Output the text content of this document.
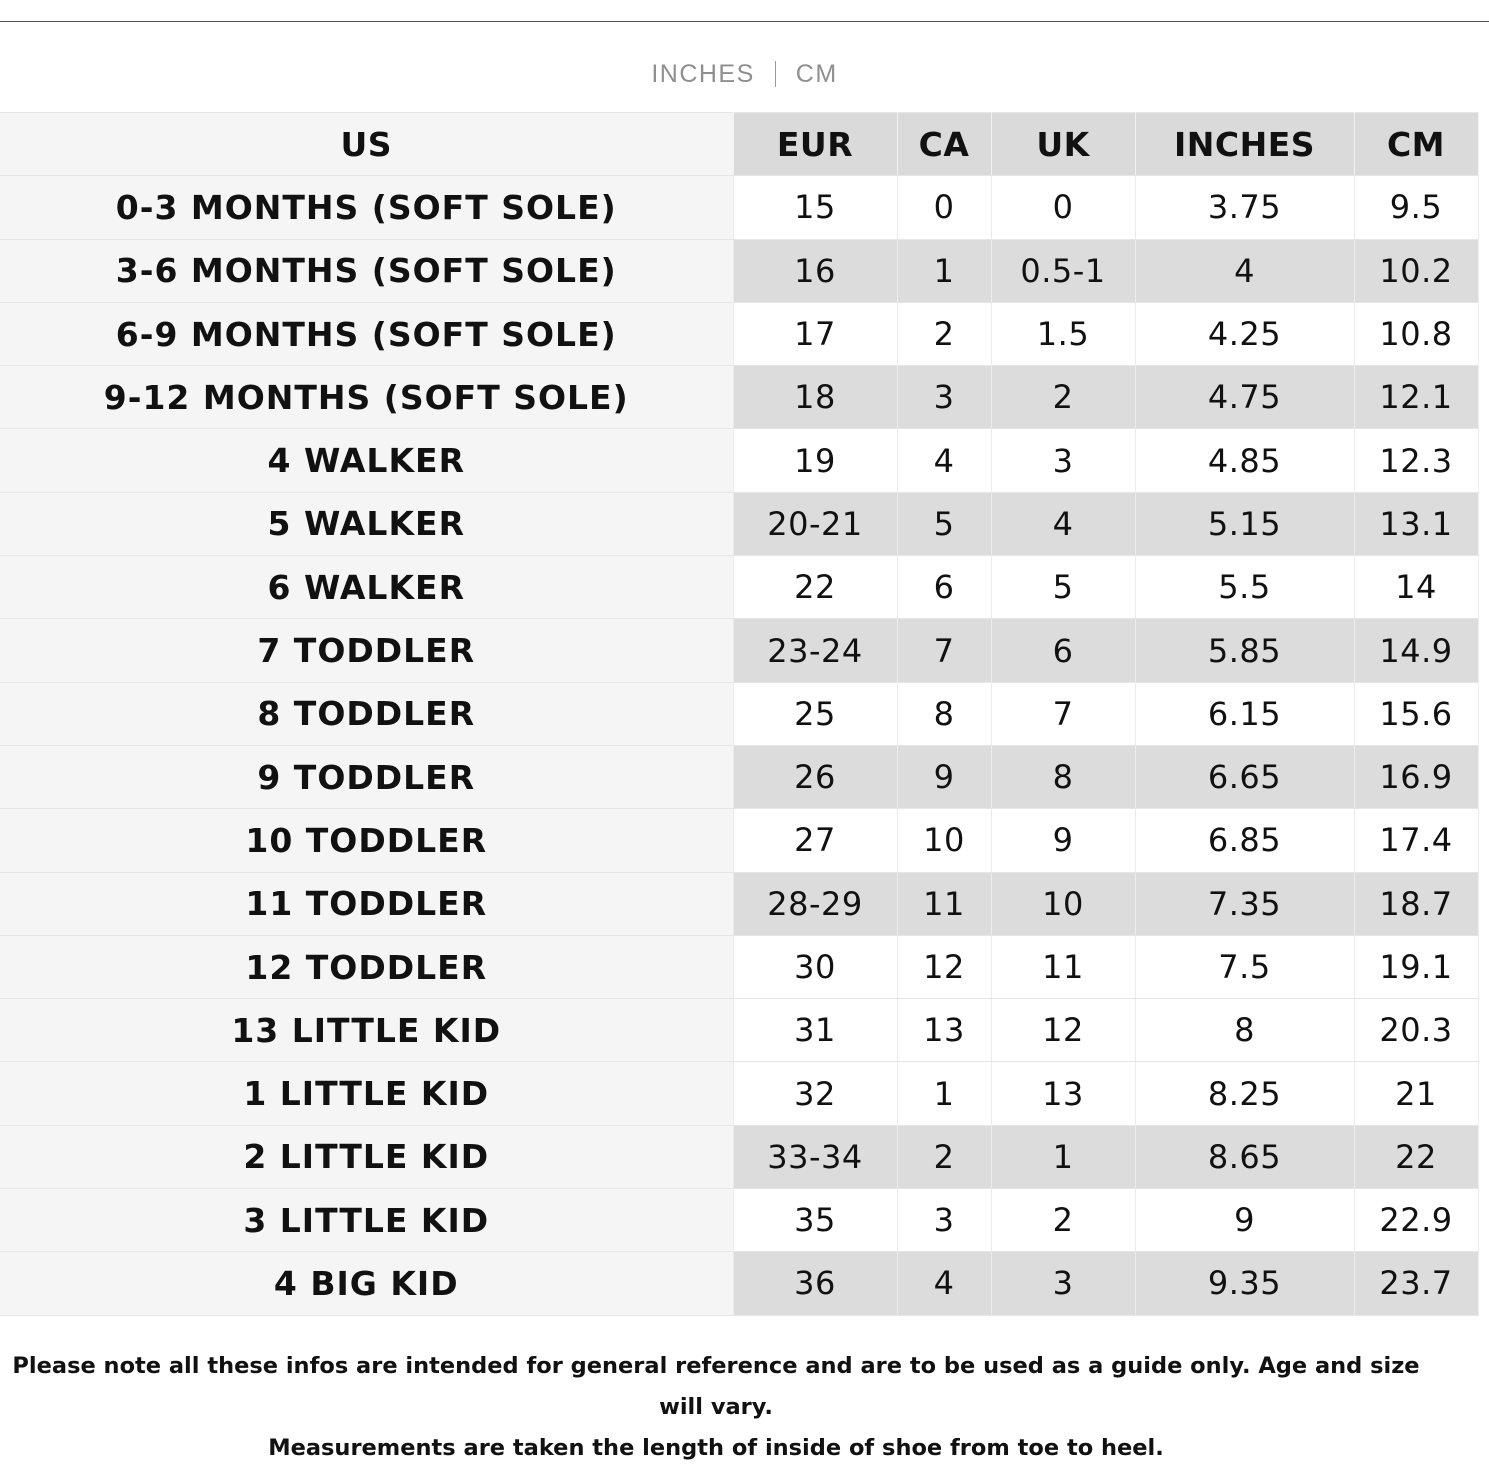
INCHES CM
US	EUR	CA	UK	INCHES	CM
0-3 MONTHS (SOFT SOLE)	15	0	0	3.75	9.5
3-6 MONTHS (SOFT SOLE)	16	1	0.5-1	4	10.2
6-9 MONTHS (SOFT SOLE)	17	2	1.5	4.25	10.8
9-12 MONTHS (SOFT SOLE)	18	3	2	4.75	12.1
4 WALKER	19	4	3	4.85	12.3
5 WALKER	20-21	5	4	5.15	13.1
6 WALKER	22	6	5	5.5	14
7 TODDLER	23-24	7	6	5.85	14.9
8 TODDLER	25	8	7	6.15	15.6
9 TODDLER	26	9	8	6.65	16.9
10 TODDLER	27	10	9	6.85	17.4
11 TODDLER	28-29	11	10	7.35	18.7
12 TODDLER	30	12	11	7.5	19.1
13 LITTLE KID	31	13	12	8	20.3
1 LITTLE KID	32	1	13	8.25	21
2 LITTLE KID	33-34	2	1	8.65	22
3 LITTLE KID	35	3	2	9	22.9
4 BIG KID	36	4	3	9.35	23.7
Please note all these infos are intended for general reference and are to be used as a guide only. Age and size will vary.
Measurements are taken the length of inside of shoe from toe to heel.
